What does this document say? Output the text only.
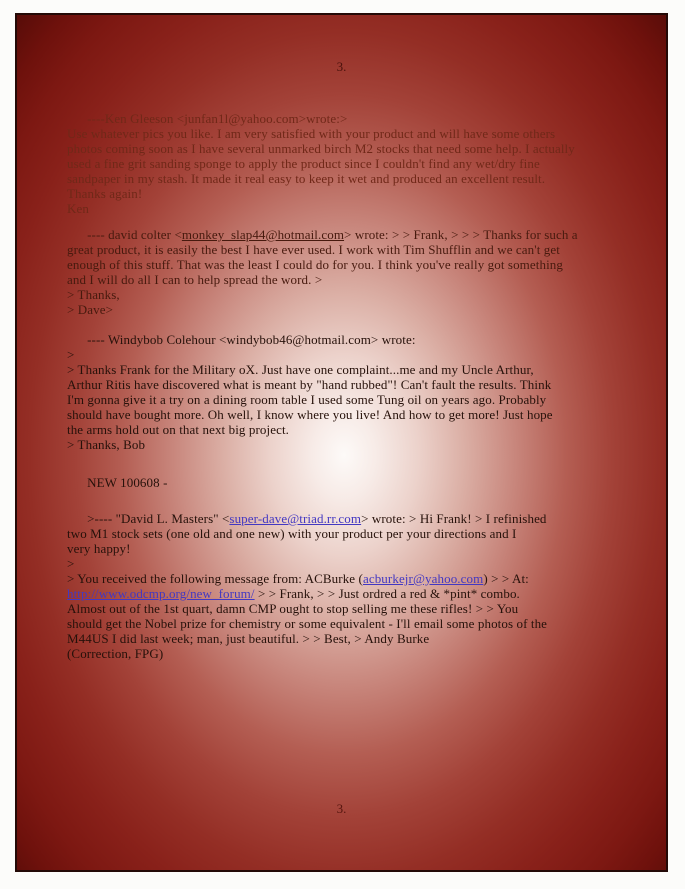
3.

----Ken Gleeson <junfan1l@yahoo.com>wrote:>
Use whatever pics you like. I am very satisfied with your product and will have some others
photos coming soon as I have several unmarked birch M2 stocks that need some help. I actually
used a fine grit sanding sponge to apply the product since I couldn't find any wet/dry fine
sandpaper in my stash. It made it real easy to keep it wet and produced an excellent result.
Thanks again!
Ken

---- david colter <monkey_slap44@hotmail.com> wrote: > > Frank, > > > Thanks for such a
great product, it is easily the best I have ever used. I work with Tim Shufflin and we can't get
enough of this stuff. That was the least I could do for you. I think you've really got something
and I will do all I can to help spread the word. >
> Thanks,
> Dave>

---- Windybob Colehour <windybob46@hotmail.com> wrote:
>
> Thanks Frank for the Military oX. Just have one complaint...me and my Uncle Arthur,
Arthur Ritis have discovered what is meant by "hand rubbed"! Can't fault the results. Think
I'm gonna give it a try on a dining room table I used some Tung oil on years ago. Probably
should have bought more. Oh well, I know where you live! And how to get more! Just hope
the arms hold out on that next big project.
> Thanks, Bob

NEW 100608 -

>---- "David L. Masters" <super-dave@triad.rr.com> wrote: > Hi Frank! > I refinished
two M1 stock sets (one old and one new) with your product per your directions and I
very happy!
>
> You received the following message from: ACBurke (acburkejr@yahoo.com) > > At:
http://www.odcmp.org/new_forum/ > > Frank, > > Just ordred a red & *pint* combo.
Almost out of the 1st quart, damn CMP ought to stop selling me these rifles! > > You
should get the Nobel prize for chemistry or some equivalent - I'll email some photos of the
M44US I did last week; man, just beautiful. > > Best, > Andy Burke
(Correction, FPG)

3.
